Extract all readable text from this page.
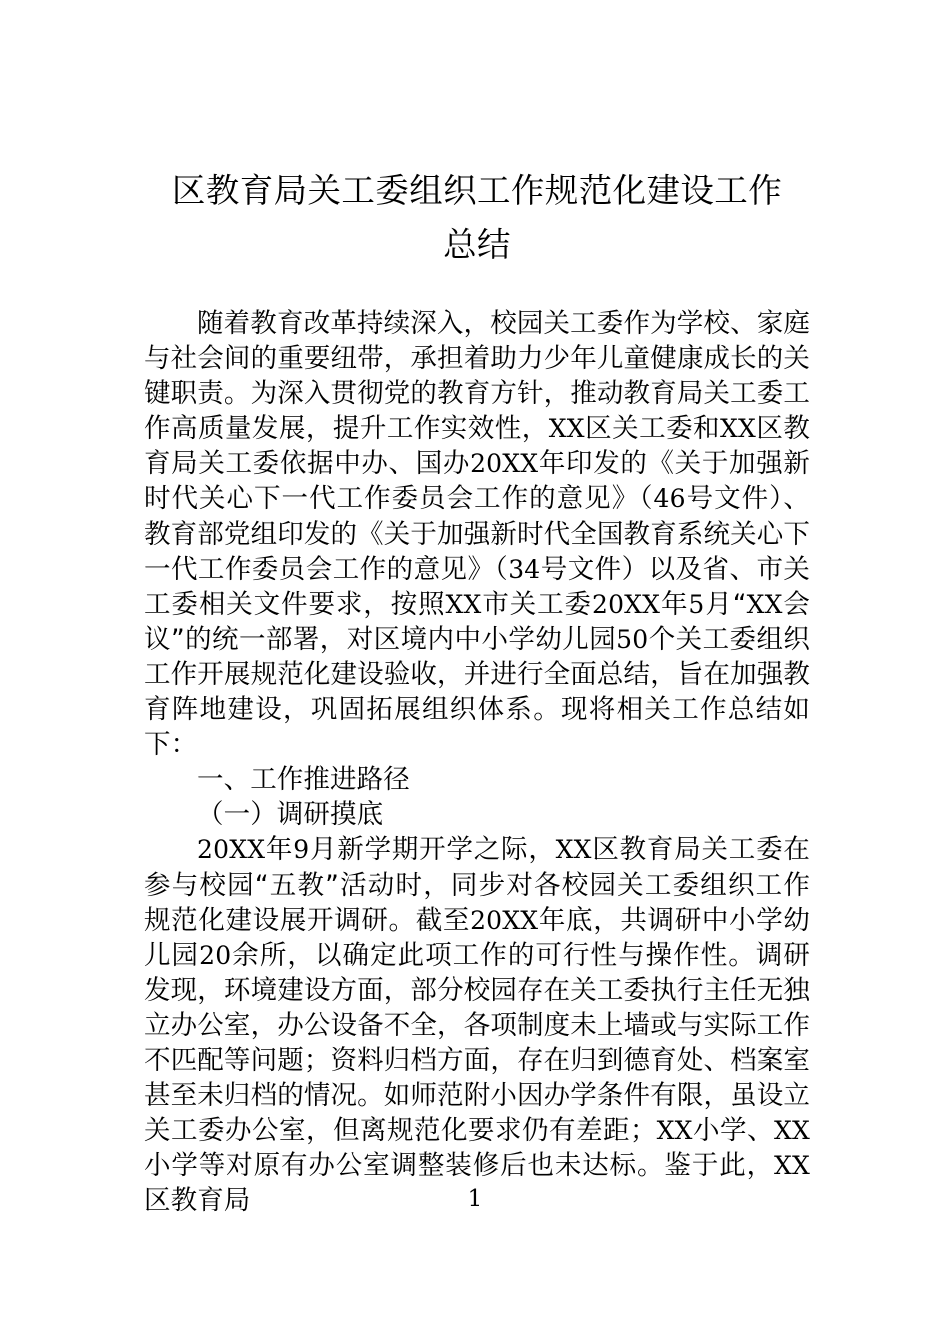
区教育局关工委组织工作规范化建设工作
总结

随着教育改革持续深入，校园关工委作为学校、家庭与社会间的重要纽带，承担着助力少年儿童健康成长的关键职责。为深入贯彻党的教育方针，推动教育局关工委工作高质量发展，提升工作实效性，XX区关工委和XX区教育局关工委依据中办、国办20XX年印发的《关于加强新时代关心下一代工作委员会工作的意见》（46号文件）、教育部党组印发的《关于加强新时代全国教育系统关心下一代工作委员会工作的意见》（34号文件）以及省、市关工委相关文件要求，按照XX市关工委20XX年5月“XX会议”的统一部署，对区境内中小学幼儿园50个关工委组织工作开展规范化建设验收，并进行全面总结，旨在加强教育阵地建设，巩固拓展组织体系。现将相关工作总结如下：

一、工作推进路径

（一）调研摸底

20XX年9月新学期开学之际，XX区教育局关工委在参与校园“五教”活动时，同步对各校园关工委组织工作规范化建设展开调研。截至20XX年底，共调研中小学幼儿园20余所，以确定此项工作的可行性与操作性。调研发现，环境建设方面，部分校园存在关工委执行主任无独立办公室，办公设备不全，各项制度未上墙或与实际工作不匹配等问题；资料归档方面，存在归到德育处、档案室甚至未归档的情况。如师范附小因办学条件有限，虽设立关工委办公室，但离规范化要求仍有差距；XX小学、XX小学等对原有办公室调整装修后也未达标。鉴于此，XX区教育局	1
